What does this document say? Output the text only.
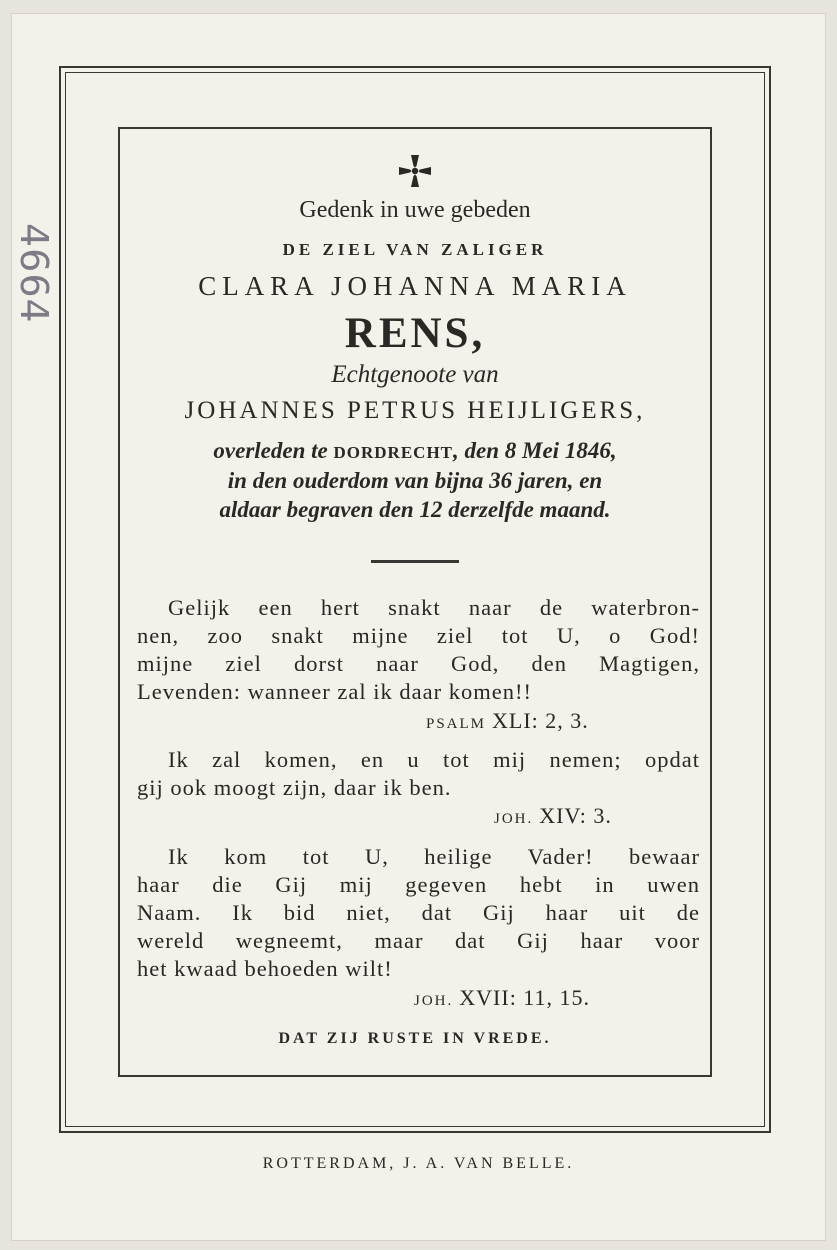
4664
Gedenk in uwe gebeden
DE ZIEL VAN ZALIGER
CLARA JOHANNA MARIA
RENS,
Echtgenoote van
JOHANNES PETRUS HEIJLIGERS,
overleden te DORDRECHT, den 8 Mei 1846,
in den ouderdom van bijna 36 jaren, en
aldaar begraven den 12 derzelfde maand.
Gelijk een hert snakt naar de waterbron-
nen, zoo snakt mijne ziel tot U, o God!
mijne ziel dorst naar God, den Magtigen,
Levenden: wanneer zal ik daar komen!!
PSALM XLI: 2, 3.
Ik zal komen, en u tot mij nemen; opdat
gij ook moogt zijn, daar ik ben.
JOH. XIV: 3.
Ik kom tot U, heilige Vader! bewaar
haar die Gij mij gegeven hebt in uwen
Naam. Ik bid niet, dat Gij haar uit de
wereld wegneemt, maar dat Gij haar voor
het kwaad behoeden wilt!
JOH. XVII: 11, 15.
DAT ZIJ RUSTE IN VREDE.
ROTTERDAM, J. A. VAN BELLE.
